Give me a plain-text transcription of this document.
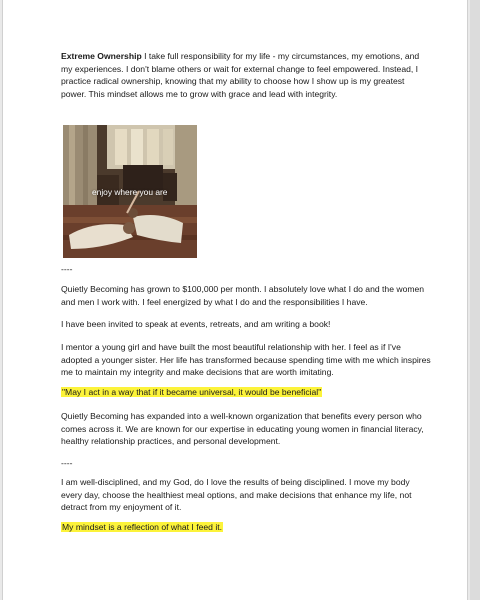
Extreme Ownership I take full responsibility for my life - my circumstances, my emotions, and my experiences. I don't blame others or wait for external change to feel empowered. Instead, I practice radical ownership, knowing that my ability to choose how I show up is my greatest power. This mindset allows me to grow with grace and lead with integrity.

enjoy where you are

----

Quietly Becoming has grown to $100,000 per month. I absolutely love what I do and the women and men I work with. I feel energized by what I do and the responsibilities I have.

I have been invited to speak at events, retreats, and am writing a book!

I mentor a young girl and have built the most beautiful relationship with her. I feel as if I've adopted a younger sister. Her life has transformed because spending time with me which inspires me to maintain my integrity and make decisions that are worth imitating.

"May I act in a way that if it became universal, it would be beneficial"

Quietly Becoming has expanded into a well-known organization that benefits every person who comes across it. We are known for our expertise in educating young women in financial literacy, healthy relationship practices, and personal development.

----

I am well-disciplined, and my God, do I love the results of being disciplined. I move my body every day, choose the healthiest meal options, and make decisions that enhance my life, not detract from my enjoyment of it.

My mindset is a reflection of what I feed it.
